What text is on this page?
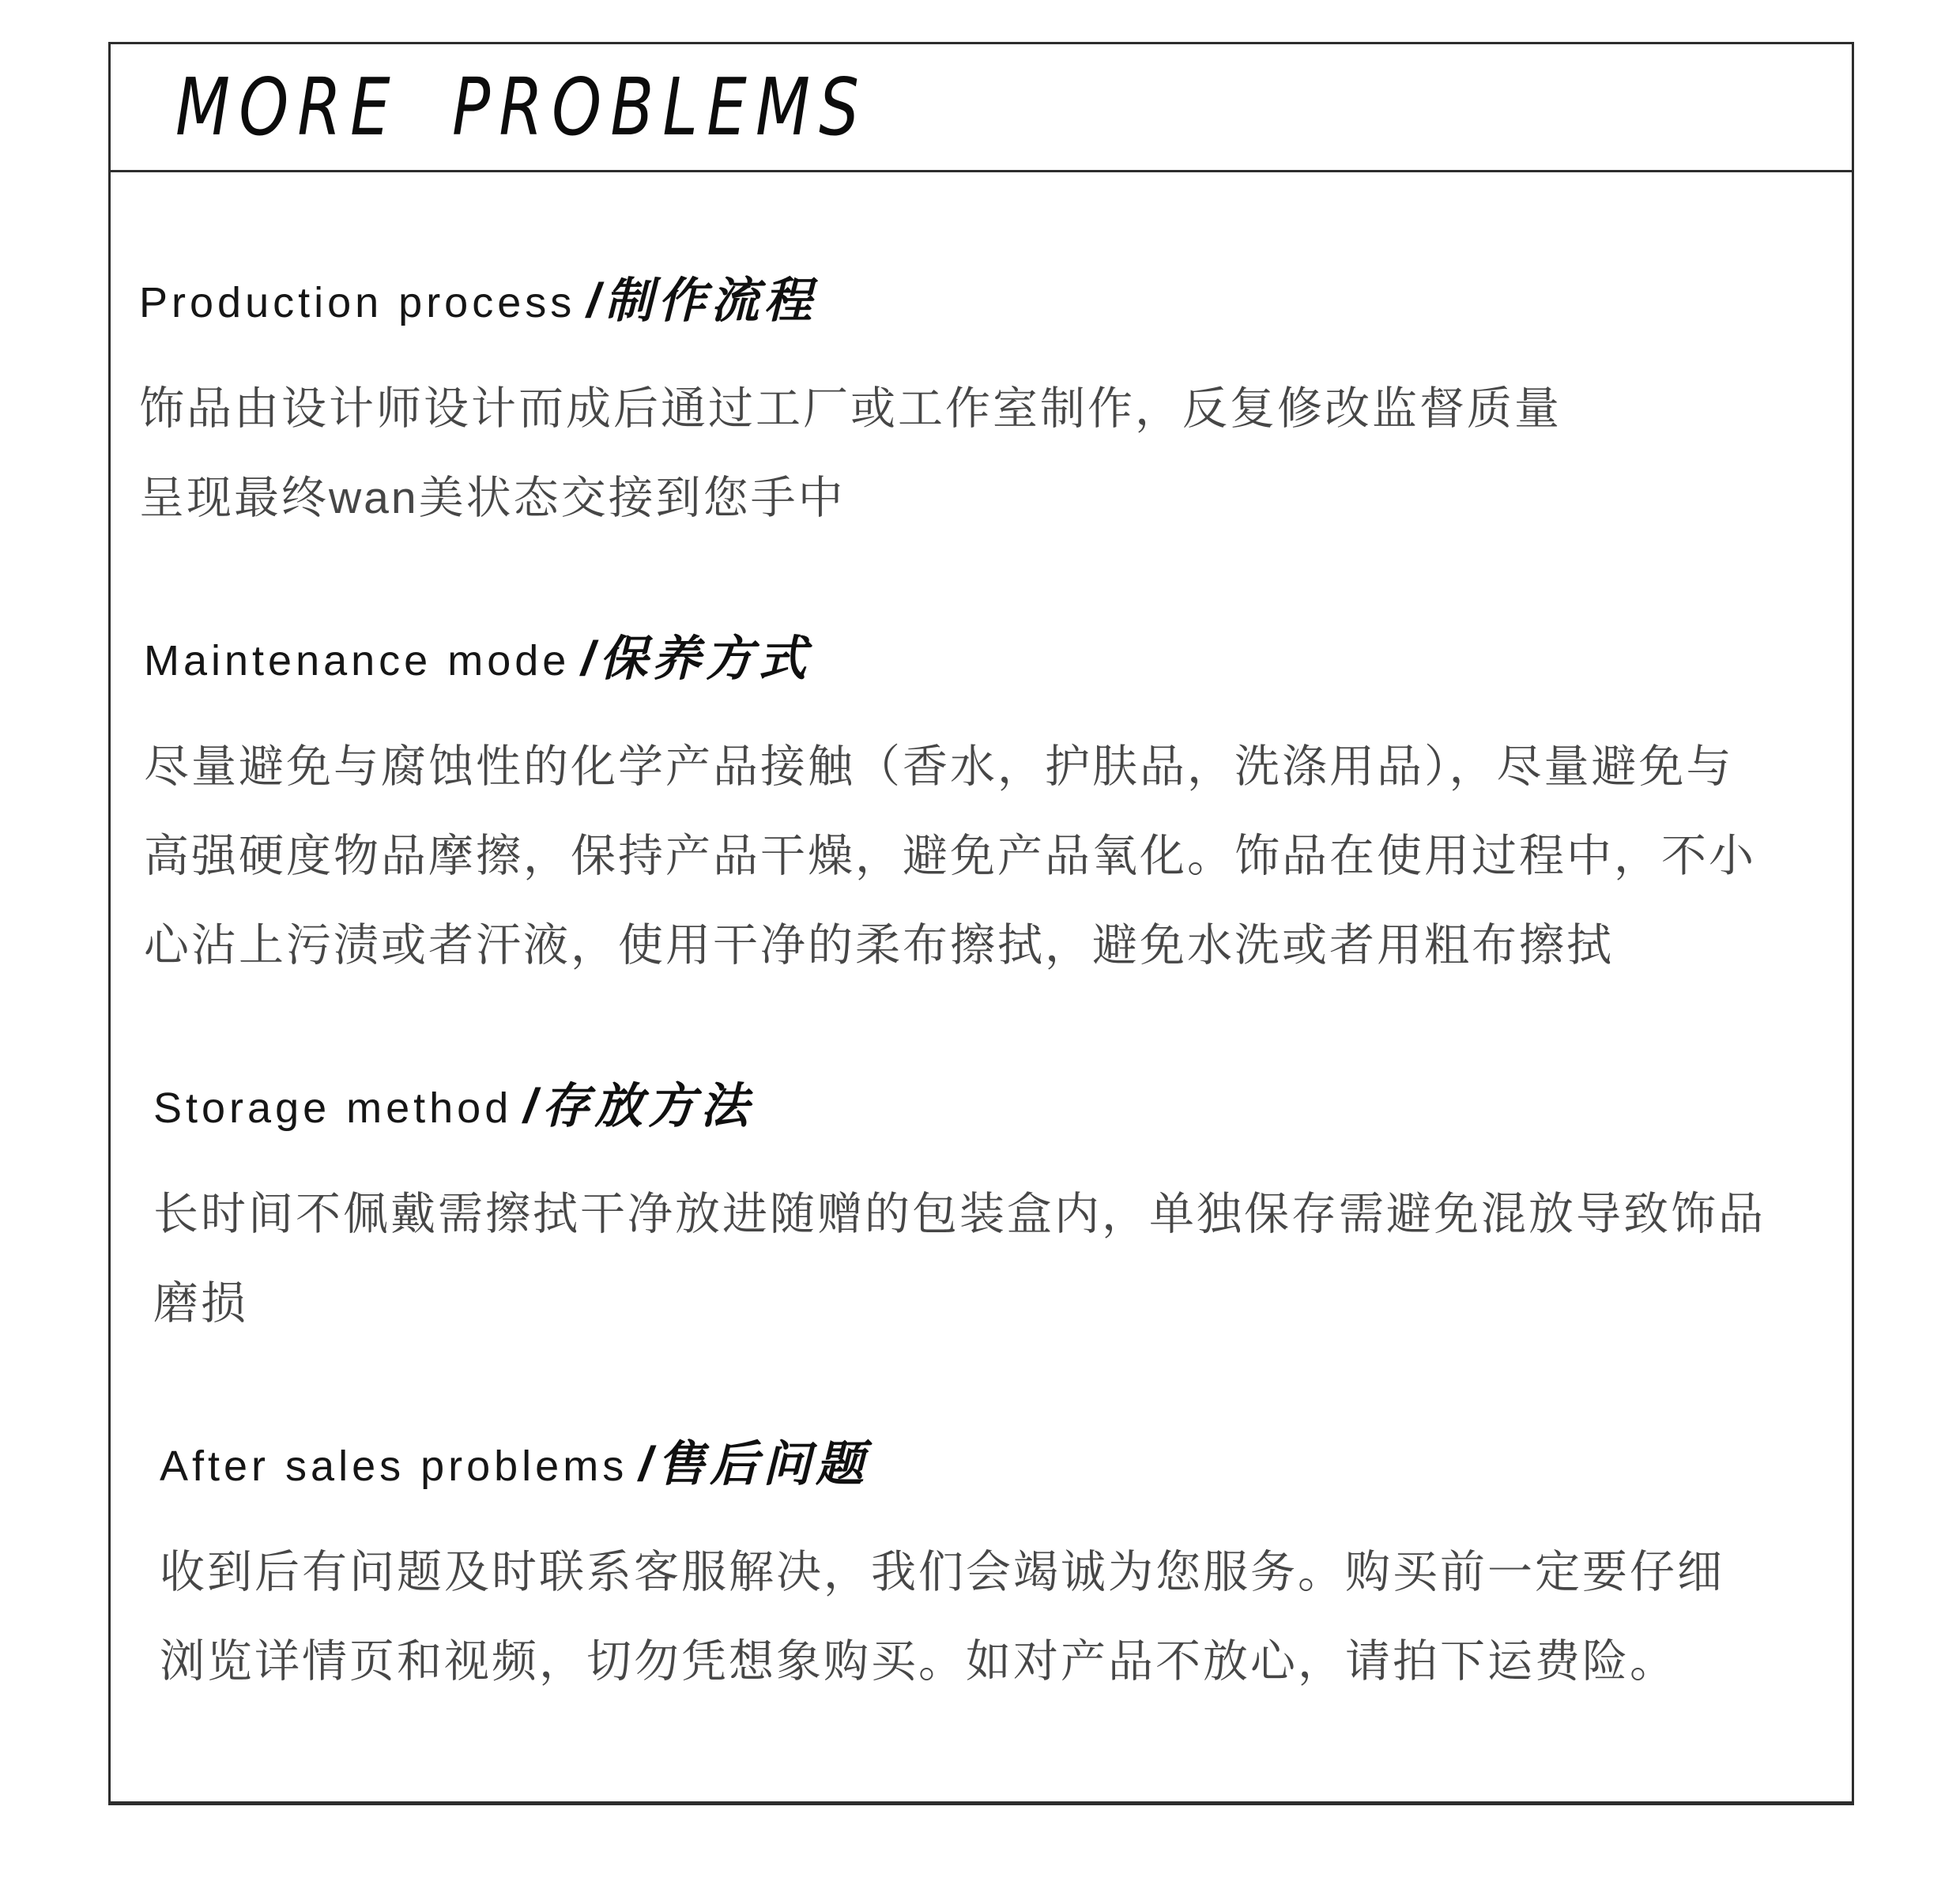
MORE PROBLEMS
Production process /制作流程

饰品由设计师设计而成后通过工厂或工作室制作，反复修改监督质量

呈现最终wan美状态交接到您手中

Maintenance mode /保养方式

尽量避免与腐蚀性的化学产品接触（香水，护肤品，洗涤用品），尽量避免与

高强硬度物品摩擦，保持产品干燥，避免产品氧化。饰品在使用过程中，不小

心沾上污渍或者汗液，使用干净的柔布擦拭，避免水洗或者用粗布擦拭

Storage method /存放方法

长时间不佩戴需擦拭干净放进随赠的包装盒内，单独保存需避免混放导致饰品

磨损

After sales problems /售后问题

收到后有问题及时联系客服解决，我们会竭诚为您服务。购买前一定要仔细

浏览详情页和视频，切勿凭想象购买。如对产品不放心，请拍下运费险。
